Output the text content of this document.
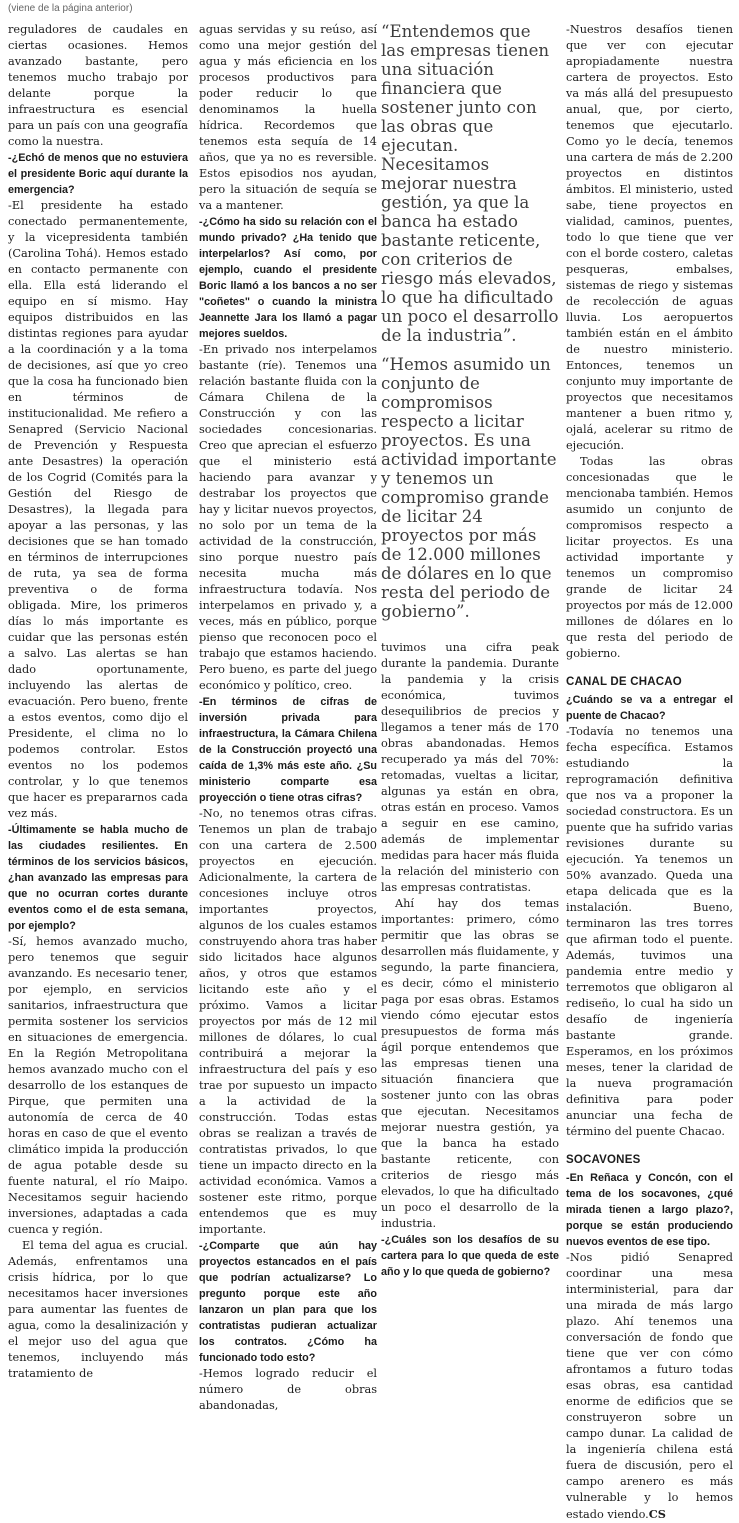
(viene de la página anterior)

reguladores de caudales en ciertas ocasiones. Hemos avanzado bastante, pero tenemos mucho trabajo por delante porque la infraestructura es esencial para un país con una geografía como la nuestra.

-¿Echó de menos que no estuviera el presidente Boric aquí durante la emergencia?

-El presidente ha estado conectado permanentemente, y la vicepresidenta también (Carolina Tohá). Hemos estado en contacto permanente con ella. Ella está liderando el equipo en sí mismo. Hay equipos distribuidos en las distintas regiones para ayudar a la coordinación y a la toma de decisiones, así que yo creo que la cosa ha funcionado bien en términos de institucionalidad. Me refiero a Senapred (Servicio Nacional de Prevención y Respuesta ante Desastres) la operación de los Cogrid (Comités para la Gestión del Riesgo de Desastres), la llegada para apoyar a las personas, y las decisiones que se han tomado en términos de interrupciones de ruta, ya sea de forma preventiva o de forma obligada. Mire, los primeros días lo más importante es cuidar que las personas estén a salvo. Las alertas se han dado oportunamente, incluyendo las alertas de evacuación. Pero bueno, frente a estos eventos, como dijo el Presidente, el clima no lo podemos controlar. Estos eventos no los podemos controlar, y lo que tenemos que hacer es prepararnos cada vez más.

-Últimamente se habla mucho de las ciudades resilientes. En términos de los servicios básicos, ¿han avanzado las empresas para que no ocurran cortes durante eventos como el de esta semana, por ejemplo?

-Sí, hemos avanzado mucho, pero tenemos que seguir avanzando. Es necesario tener, por ejemplo, en servicios sanitarios, infraestructura que permita sostener los servicios en situaciones de emergencia. En la Región Metropolitana hemos avanzado mucho con el desarrollo de los estanques de Pirque, que permiten una autonomía de cerca de 40 horas en caso de que el evento climático impida la producción de agua potable desde su fuente natural, el río Maipo. Necesitamos seguir haciendo inversiones, adaptadas a cada cuenca y región.

El tema del agua es crucial. Además, enfrentamos una crisis hídrica, por lo que necesitamos hacer inversiones para aumentar las fuentes de agua, como la desalinización y el mejor uso del agua que tenemos, incluyendo más tratamiento de

aguas servidas y su reúso, así como una mejor gestión del agua y más eficiencia en los procesos productivos para poder reducir lo que denominamos la huella hídrica. Recordemos que tenemos esta sequía de 14 años, que ya no es reversible. Estos episodios nos ayudan, pero la situación de sequía se va a mantener.

-¿Cómo ha sido su relación con el mundo privado? ¿Ha tenido que interpelarlos? Así como, por ejemplo, cuando el presidente Boric llamó a los bancos a no ser "coñetes" o cuando la ministra Jeannette Jara los llamó a pagar mejores sueldos.

-En privado nos interpelamos bastante (ríe). Tenemos una relación bastante fluida con la Cámara Chilena de la Construcción y con las sociedades concesionarias. Creo que aprecian el esfuerzo que el ministerio está haciendo para avanzar y destrabar los proyectos que hay y licitar nuevos proyectos, no solo por un tema de la actividad de la construcción, sino porque nuestro país necesita mucha más infraestructura todavía. Nos interpelamos en privado y, a veces, más en público, porque pienso que reconocen poco el trabajo que estamos haciendo. Pero bueno, es parte del juego económico y político, creo.

-En términos de cifras de inversión privada para infraestructura, la Cámara Chilena de la Construcción proyectó una caída de 1,3% más este año. ¿Su ministerio comparte esa proyección o tiene otras cifras?

-No, no tenemos otras cifras. Tenemos un plan de trabajo con una cartera de 2.500 proyectos en ejecución. Adicionalmente, la cartera de concesiones incluye otros importantes proyectos, algunos de los cuales estamos construyendo ahora tras haber sido licitados hace algunos años, y otros que estamos licitando este año y el próximo. Vamos a licitar proyectos por más de 12 mil millones de dólares, lo cual contribuirá a mejorar la infraestructura del país y eso trae por supuesto un impacto a la actividad de la construcción. Todas estas obras se realizan a través de contratistas privados, lo que tiene un impacto directo en la actividad económica. Vamos a sostener este ritmo, porque entendemos que es muy importante.

-¿Comparte que aún hay proyectos estancados en el país que podrían actualizarse? Lo pregunto porque este año lanzaron un plan para que los contratistas pudieran actualizar los contratos. ¿Cómo ha funcionado todo esto?

-Hemos logrado reducir el número de obras abandonadas,

“Entendemos que las empresas tienen una situación financiera que sostener junto con las obras que ejecutan. Necesitamos mejorar nuestra gestión, ya que la banca ha estado bastante reticente, con criterios de riesgo más elevados, lo que ha dificultado un poco el desarrollo de la industria”.

“Hemos asumido un conjunto de compromisos respecto a licitar proyectos. Es una actividad importante y tenemos un compromiso grande de licitar 24 proyectos por más de 12.000 millones de dólares en lo que resta del periodo de gobierno”.

tuvimos una cifra peak durante la pandemia. Durante la pandemia y la crisis económica, tuvimos desequilibrios de precios y llegamos a tener más de 170 obras abandonadas. Hemos recuperado ya más del 70%: retomadas, vueltas a licitar, algunas ya están en obra, otras están en proceso. Vamos a seguir en ese camino, además de implementar medidas para hacer más fluida la relación del ministerio con las empresas contratistas.

Ahí hay dos temas importantes: primero, cómo permitir que las obras se desarrollen más fluidamente, y segundo, la parte financiera, es decir, cómo el ministerio paga por esas obras. Estamos viendo cómo ejecutar estos presupuestos de forma más ágil porque entendemos que las empresas tienen una situación financiera que sostener junto con las obras que ejecutan. Necesitamos mejorar nuestra gestión, ya que la banca ha estado bastante reticente, con criterios de riesgo más elevados, lo que ha dificultado un poco el desarrollo de la industria.

-¿Cuáles son los desafíos de su cartera para lo que queda de este año y lo que queda de gobierno?

-Nuestros desafíos tienen que ver con ejecutar apropiadamente nuestra cartera de proyectos. Esto va más allá del presupuesto anual, que, por cierto, tenemos que ejecutarlo. Como yo le decía, tenemos una cartera de más de 2.200 proyectos en distintos ámbitos. El ministerio, usted sabe, tiene proyectos en vialidad, caminos, puentes, todo lo que tiene que ver con el borde costero, caletas pesqueras, embalses, sistemas de riego y sistemas de recolección de aguas lluvia. Los aeropuertos también están en el ámbito de nuestro ministerio. Entonces, tenemos un conjunto muy importante de proyectos que necesitamos mantener a buen ritmo y, ojalá, acelerar su ritmo de ejecución.

Todas las obras concesionadas que le mencionaba también. Hemos asumido un conjunto de compromisos respecto a licitar proyectos. Es una actividad importante y tenemos un compromiso grande de licitar 24 proyectos por más de 12.000 millones de dólares en lo que resta del periodo de gobierno.

CANAL DE CHACAO

¿Cuándo se va a entregar el puente de Chacao?

-Todavía no tenemos una fecha específica. Estamos estudiando la reprogramación definitiva que nos va a proponer la sociedad constructora. Es un puente que ha sufrido varias revisiones durante su ejecución. Ya tenemos un 50% avanzado. Queda una etapa delicada que es la instalación. Bueno, terminaron las tres torres que afirman todo el puente. Además, tuvimos una pandemia entre medio y terremotos que obligaron al rediseño, lo cual ha sido un desafío de ingeniería bastante grande. Esperamos, en los próximos meses, tener la claridad de la nueva programación definitiva para poder anunciar una fecha de término del puente Chacao.

SOCAVONES

-En Reñaca y Concón, con el tema de los socavones, ¿qué mirada tienen a largo plazo?, porque se están produciendo nuevos eventos de ese tipo.

-Nos pidió Senapred coordinar una mesa interministerial, para dar una mirada de más largo plazo. Ahí tenemos una conversación de fondo que tiene que ver con cómo afrontamos a futuro todas esas obras, esa cantidad enorme de edificios que se construyeron sobre un campo dunar. La calidad de la ingeniería chilena está fuera de discusión, pero el campo arenero es más vulnerable y lo hemos estado viendo.CS
